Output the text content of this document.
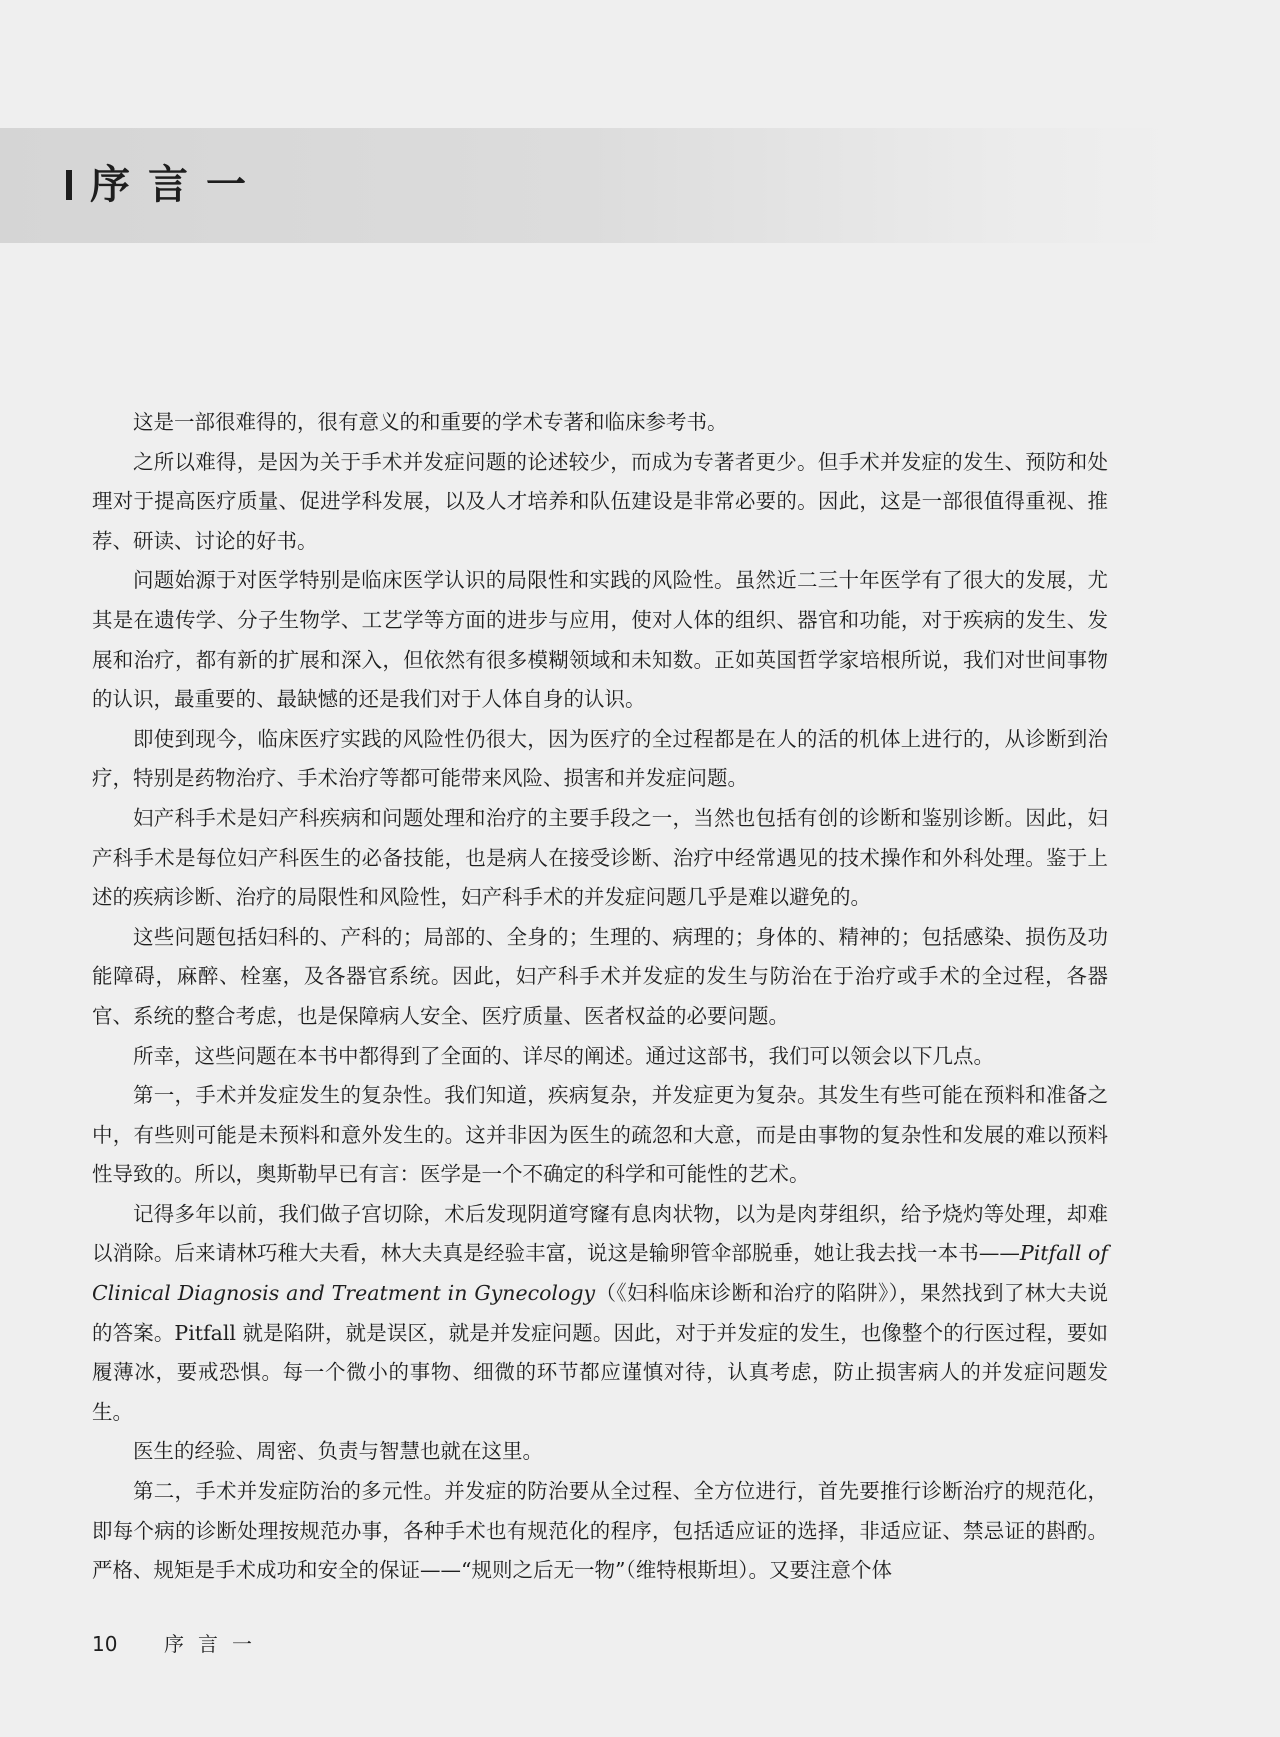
序言一

这是一部很难得的，很有意义的和重要的学术专著和临床参考书。

之所以难得，是因为关于手术并发症问题的论述较少，而成为专著者更少。但手术并发症的发生、预防和处理对于提高医疗质量、促进学科发展，以及人才培养和队伍建设是非常必要的。因此，这是一部很值得重视、推荐、研读、讨论的好书。

问题始源于对医学特别是临床医学认识的局限性和实践的风险性。虽然近二三十年医学有了很大的发展，尤其是在遗传学、分子生物学、工艺学等方面的进步与应用，使对人体的组织、器官和功能，对于疾病的发生、发展和治疗，都有新的扩展和深入，但依然有很多模糊领域和未知数。正如英国哲学家培根所说，我们对世间事物的认识，最重要的、最缺憾的还是我们对于人体自身的认识。

即使到现今，临床医疗实践的风险性仍很大，因为医疗的全过程都是在人的活的机体上进行的，从诊断到治疗，特别是药物治疗、手术治疗等都可能带来风险、损害和并发症问题。

妇产科手术是妇产科疾病和问题处理和治疗的主要手段之一，当然也包括有创的诊断和鉴别诊断。因此，妇产科手术是每位妇产科医生的必备技能，也是病人在接受诊断、治疗中经常遇见的技术操作和外科处理。鉴于上述的疾病诊断、治疗的局限性和风险性，妇产科手术的并发症问题几乎是难以避免的。

这些问题包括妇科的、产科的；局部的、全身的；生理的、病理的；身体的、精神的；包括感染、损伤及功能障碍，麻醉、栓塞，及各器官系统。因此，妇产科手术并发症的发生与防治在于治疗或手术的全过程，各器官、系统的整合考虑，也是保障病人安全、医疗质量、医者权益的必要问题。

所幸，这些问题在本书中都得到了全面的、详尽的阐述。通过这部书，我们可以领会以下几点。

第一，手术并发症发生的复杂性。我们知道，疾病复杂，并发症更为复杂。其发生有些可能在预料和准备之中，有些则可能是未预料和意外发生的。这并非因为医生的疏忽和大意，而是由事物的复杂性和发展的难以预料性导致的。所以，奥斯勒早已有言：医学是一个不确定的科学和可能性的艺术。

记得多年以前，我们做子宫切除，术后发现阴道穹窿有息肉状物，以为是肉芽组织，给予烧灼等处理，却难以消除。后来请林巧稚大夫看，林大夫真是经验丰富，说这是输卵管伞部脱垂，她让我去找一本书——Pitfall of Clinical Diagnosis and Treatment in Gynecology（《妇科临床诊断和治疗的陷阱》），果然找到了林大夫说的答案。Pitfall 就是陷阱，就是误区，就是并发症问题。因此，对于并发症的发生，也像整个的行医过程，要如履薄冰，要戒恐惧。每一个微小的事物、细微的环节都应谨慎对待，认真考虑，防止损害病人的并发症问题发生。

医生的经验、周密、负责与智慧也就在这里。

第二，手术并发症防治的多元性。并发症的防治要从全过程、全方位进行，首先要推行诊断治疗的规范化，即每个病的诊断处理按规范办事，各种手术也有规范化的程序，包括适应证的选择，非适应证、禁忌证的斟酌。严格、规矩是手术成功和安全的保证——“规则之后无一物”（维特根斯坦）。又要注意个体

10 序言一
